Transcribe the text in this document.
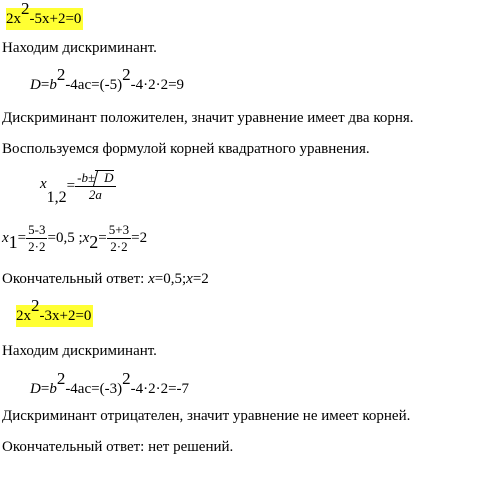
2x2-5x+2=0
Находим дискриминант.
D=b2-4ac=(-5)2-4·2·2=9
Дискриминант положителен, значит уравнение имеет два корня.
Воспользуемся формулой корней квадратного уравнения.
$x1,2= \frac{-b\pm D}{2a}$
$x1= \frac{5-3}{2\cdot 2} =0,5$ ;x2= $\frac{5+3}{2\cdot 2} =2$
Окончательный ответ: x=0,5;x=2
2x2-3x+2=0
Находим дискриминант.
D=b2-4ac=(-3)2-4·2·2=-7
Дискриминант отрицателен, значит уравнение не имеет корней.
Окончательный ответ: нет решений.
